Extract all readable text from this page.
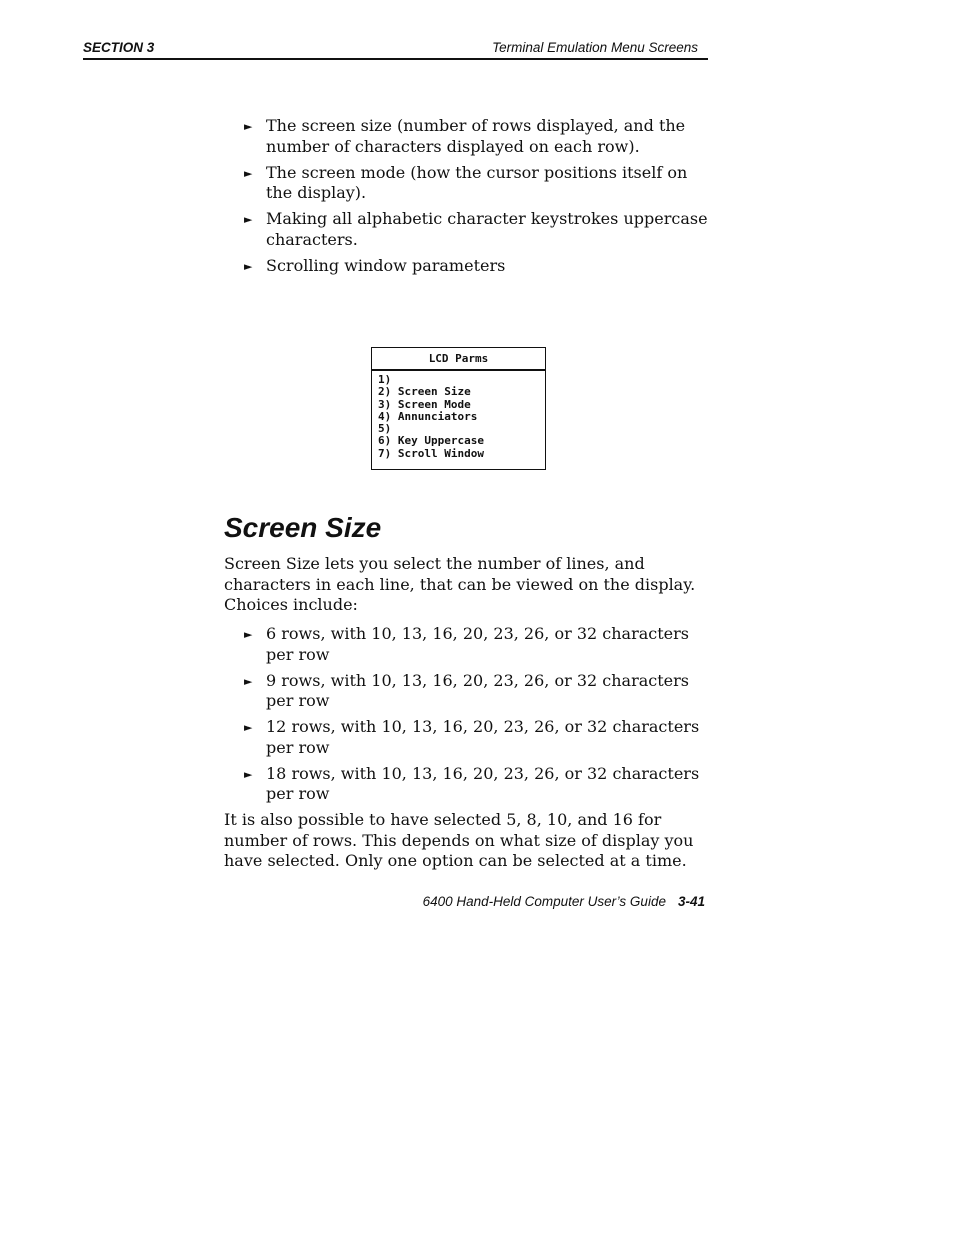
SECTION 3	Terminal Emulation Menu Screens
► The screen size (number of rows displayed, and the number of characters displayed on each row).
► The screen mode (how the cursor positions itself on the display).
► Making all alphabetic character keystrokes uppercase characters.
► Scrolling window parameters
LCD Parms
1)
2) Screen Size
3) Screen Mode
4) Annunciators
5)
6) Key Uppercase
7) Scroll Window
Screen Size

Screen Size lets you select the number of lines, and characters in each line, that can be viewed on the display. Choices include:

► 6 rows, with 10, 13, 16, 20, 23, 26, or 32 characters per row
► 9 rows, with 10, 13, 16, 20, 23, 26, or 32 characters per row
► 12 rows, with 10, 13, 16, 20, 23, 26, or 32 characters per row
► 18 rows, with 10, 13, 16, 20, 23, 26, or 32 characters per row

It is also possible to have selected 5, 8, 10, and 16 for number of rows. This depends on what size of display you have selected. Only one option can be selected at a time.

6400 Hand-Held Computer User’s Guide 3-41
